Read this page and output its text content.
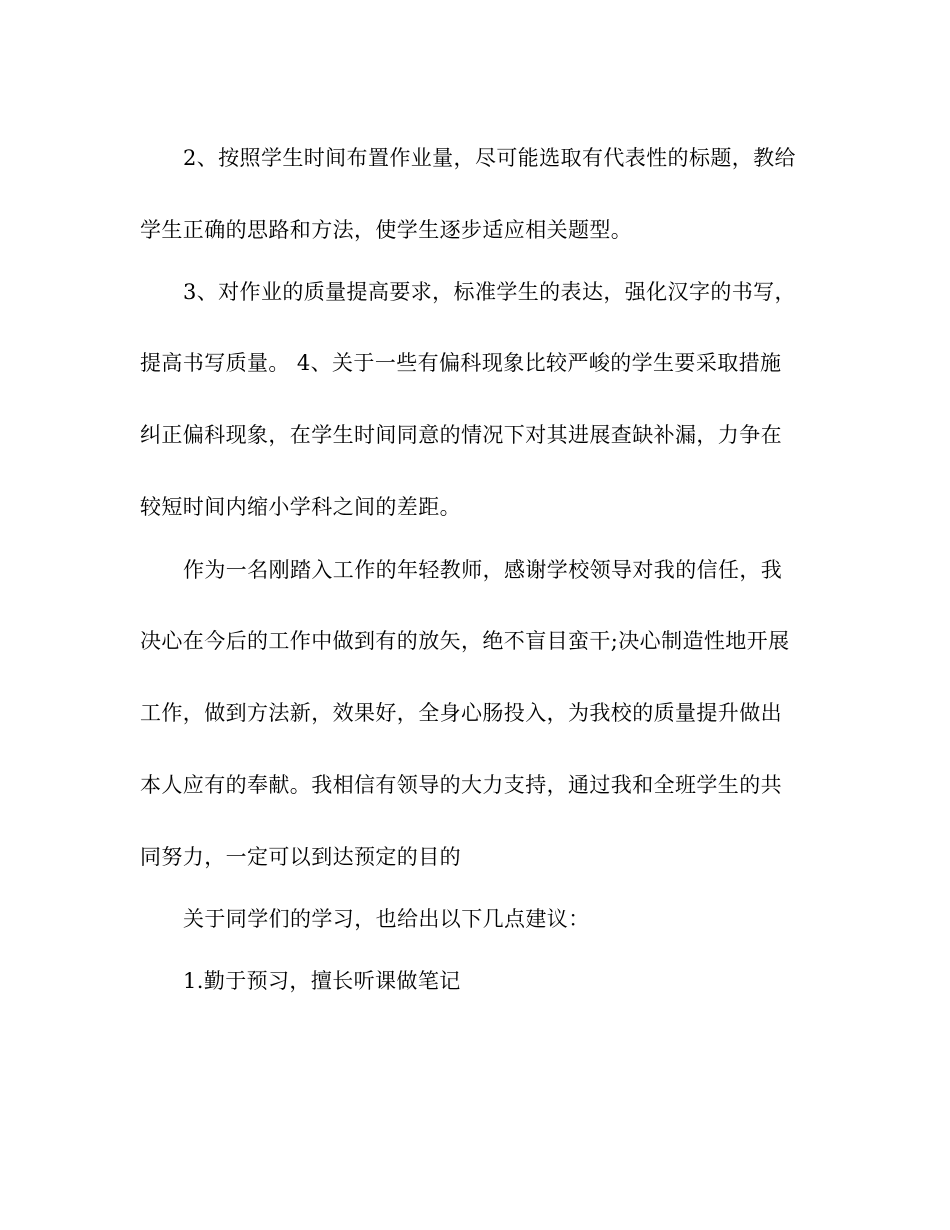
2、按照学生时间布置作业量，尽可能选取有代表性的标题，教给
学生正确的思路和方法，使学生逐步适应相关题型。
3、对作业的质量提高要求，标准学生的表达，强化汉字的书写，
提高书写质量。 4、关于一些有偏科现象比较严峻的学生要采取措施
纠正偏科现象，在学生时间同意的情况下对其进展查缺补漏，力争在
较短时间内缩小学科之间的差距。
作为一名刚踏入工作的年轻教师，感谢学校领导对我的信任，我
决心在今后的工作中做到有的放矢，绝不盲目蛮干;决心制造性地开展
工作，做到方法新，效果好，全身心肠投入，为我校的质量提升做出
本人应有的奉献。我相信有领导的大力支持，通过我和全班学生的共
同努力，一定可以到达预定的目的
关于同学们的学习，也给出以下几点建议：
1.勤于预习，擅长听课做笔记
